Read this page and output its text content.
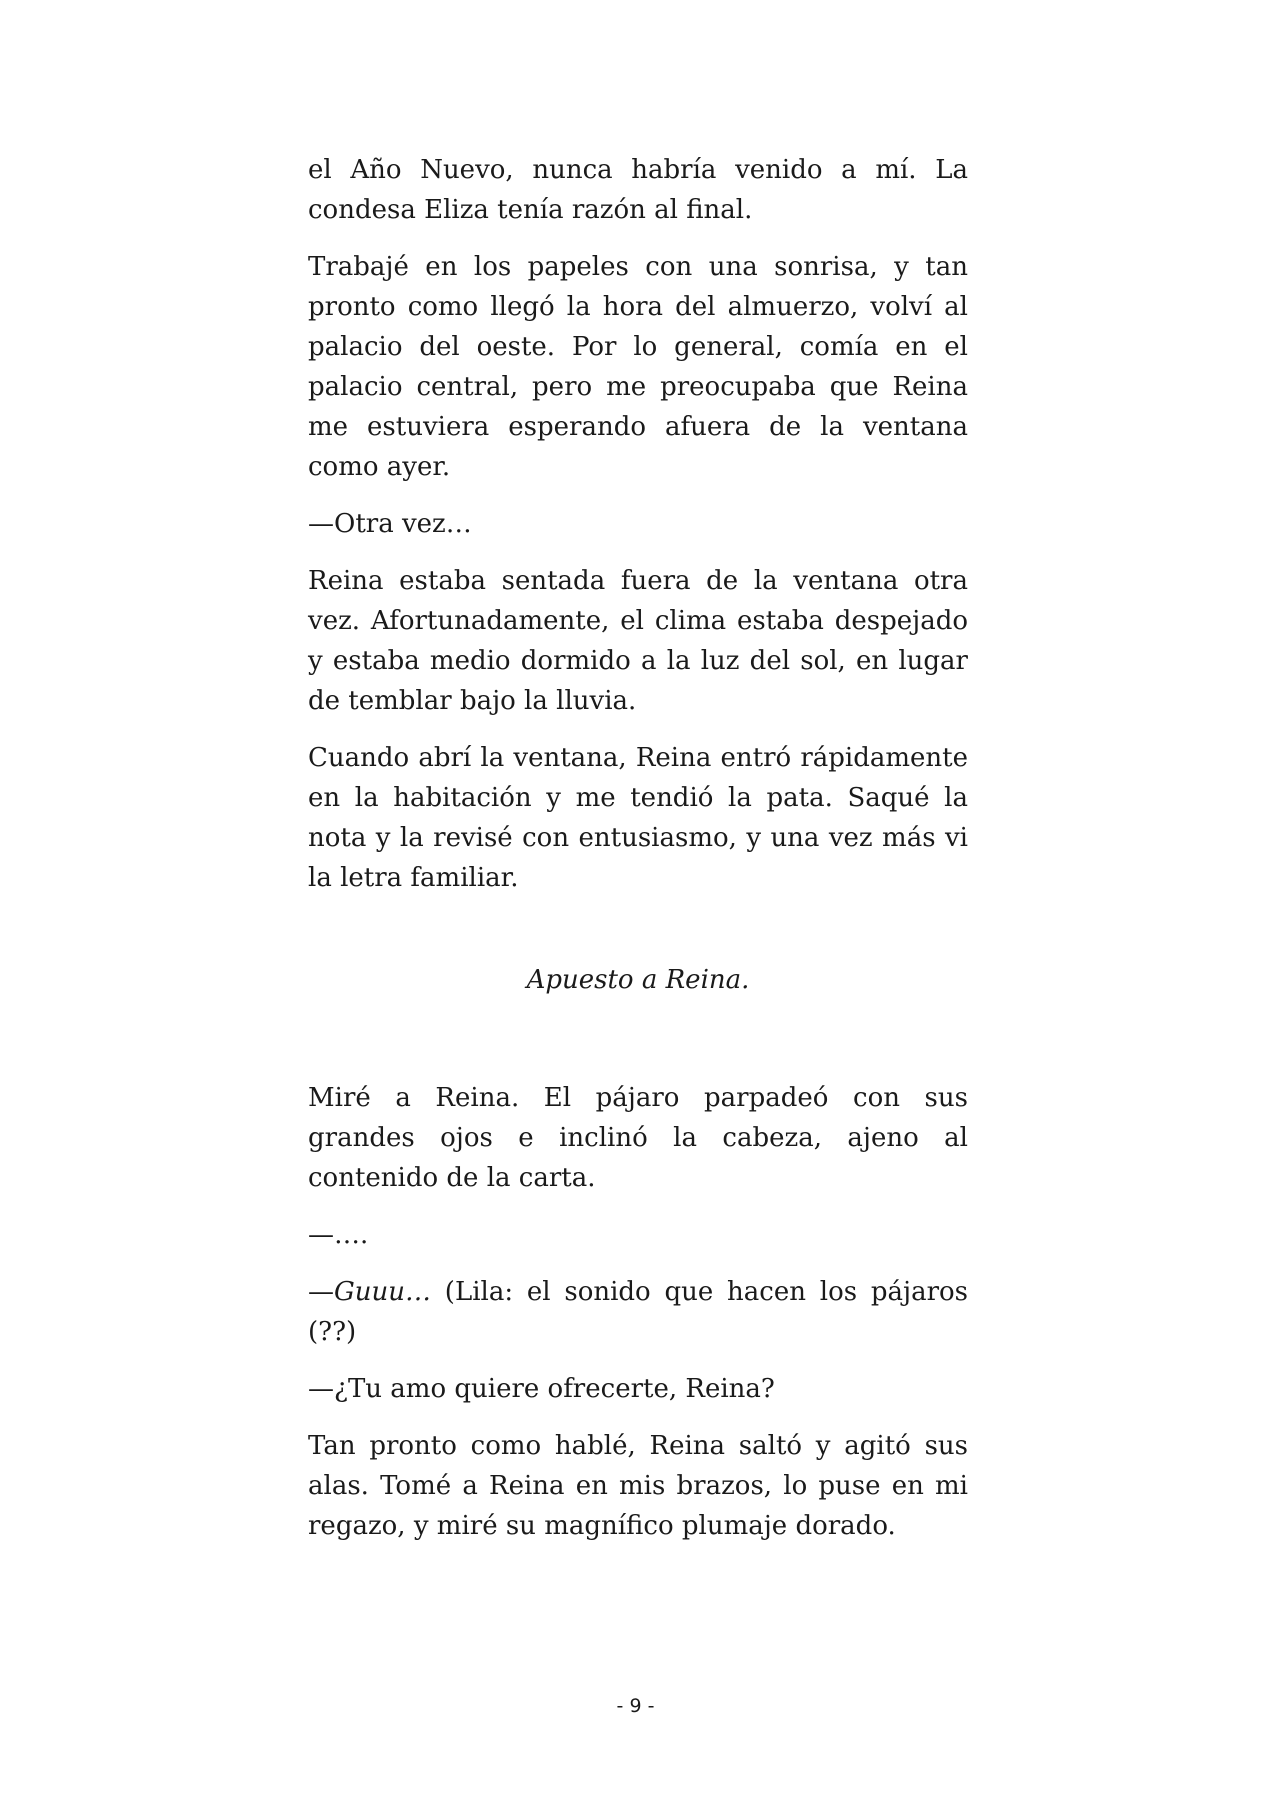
el Año Nuevo, nunca habría venido a mí. La condesa Eliza tenía razón al final.

Trabajé en los papeles con una sonrisa, y tan pronto como llegó la hora del almuerzo, volví al palacio del oeste. Por lo general, comía en el palacio central, pero me preocupaba que Reina me estuviera esperando afuera de la ventana como ayer.

—Otra vez…

Reina estaba sentada fuera de la ventana otra vez. Afortunadamente, el clima estaba despejado y estaba medio dormido a la luz del sol, en lugar de temblar bajo la lluvia.

Cuando abrí la ventana, Reina entró rápidamente en la habitación y me tendió la pata. Saqué la nota y la revisé con entusiasmo, y una vez más vi la letra familiar.

Apuesto a Reina.

Miré a Reina. El pájaro parpadeó con sus grandes ojos e inclinó la cabeza, ajeno al contenido de la carta.

—….

—Guuu… (Lila: el sonido que hacen los pájaros (??)

—¿Tu amo quiere ofrecerte, Reina?

Tan pronto como hablé, Reina saltó y agitó sus alas. Tomé a Reina en mis brazos, lo puse en mi regazo, y miré su magnífico plumaje dorado.

- 9 -
